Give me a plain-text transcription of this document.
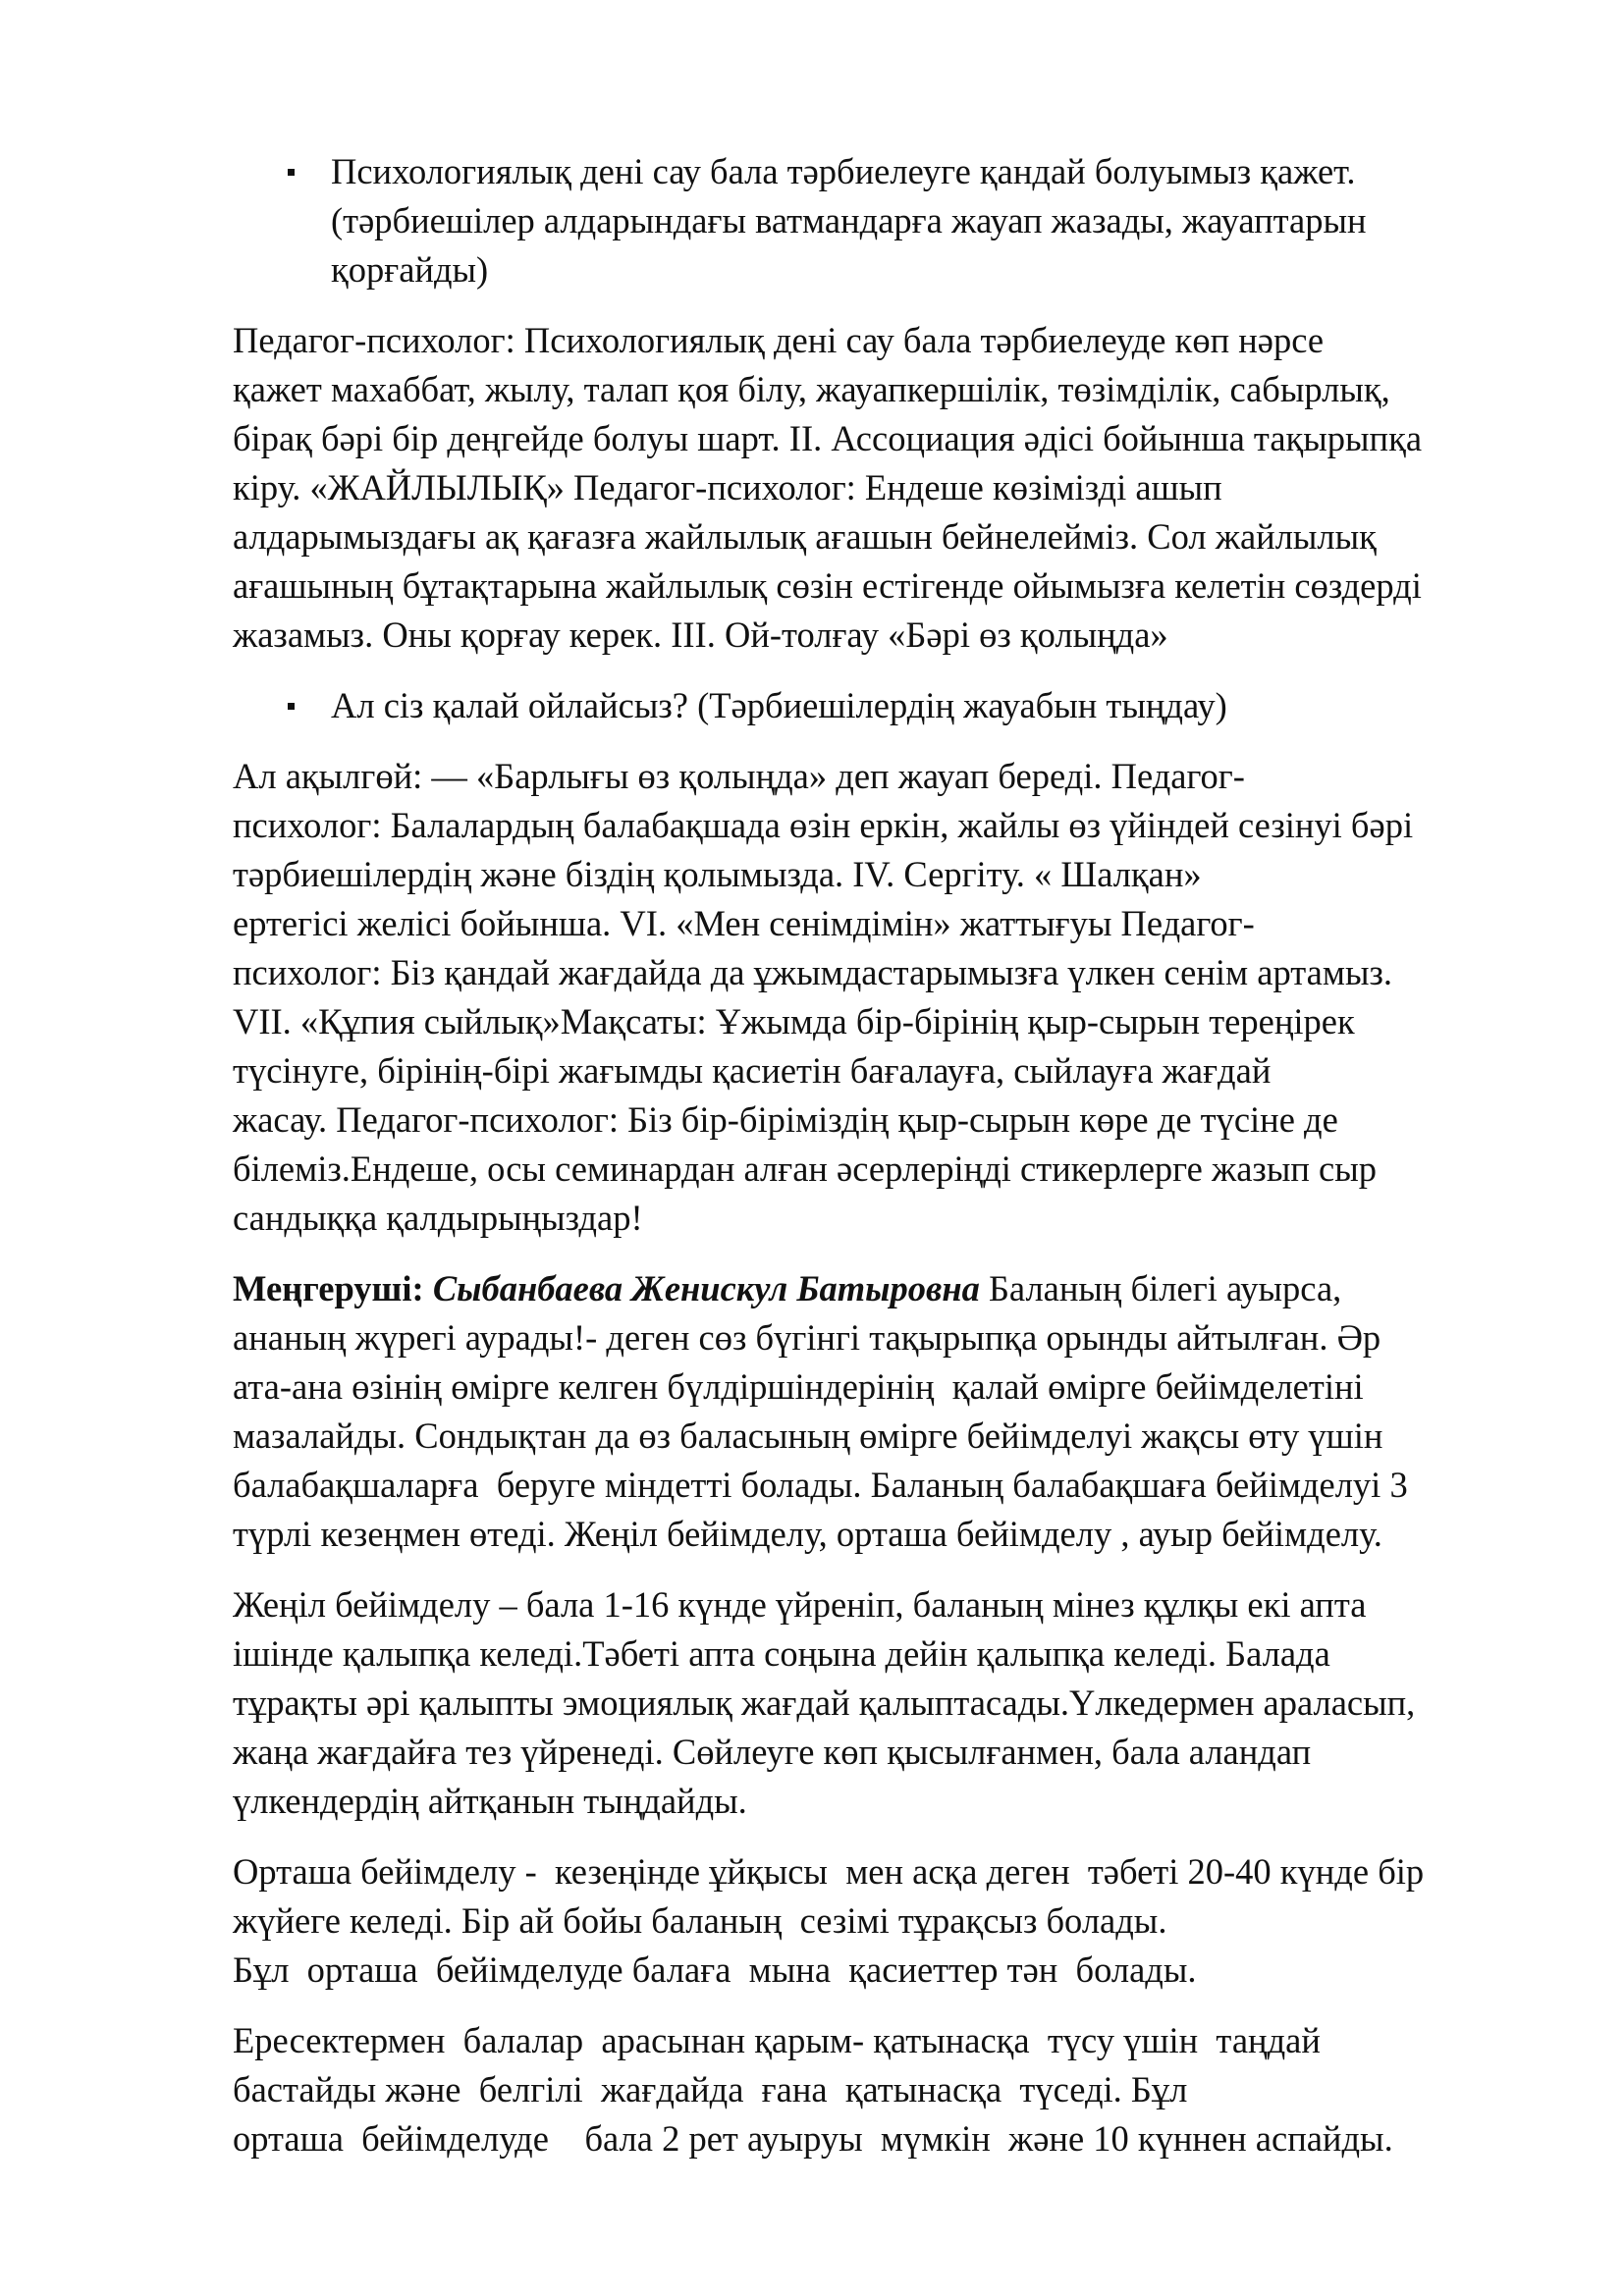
Психологиялық дені сау бала тәрбиелеуге қандай болуымыз қажет.
(тәрбиешілер алдарындағы ватмандарға жауап жазады, жауаптарын
қорғайды)
Педагог-психолог: Психологиялық дені сау бала тәрбиелеуде көп нәрсе
қажет махаббат, жылу, талап қоя білу, жауапкершілік, төзімділік, сабырлық,
бірақ бәрі бір деңгейде болуы шарт. II. Ассоциация әдісі бойынша тақырыпқа
кіру. «ЖАЙЛЫЛЫҚ» Педагог-психолог: Ендеше көзімізді ашып
алдарымыздағы ақ қағазға жайлылық ағашын бейнелейміз. Сол жайлылық
ағашының бұтақтарына жайлылық сөзін естігенде ойымызға келетін сөздерді
жазамыз. Оны қорғау керек. III. Ой-толғау «Бәрі өз қолыңда»
Ал сіз қалай ойлайсыз? (Тәрбиешілердің жауабын тыңдау)
Ал ақылгөй: — «Барлығы өз қолыңда» деп жауап береді. Педагог-
психолог: Балалардың балабақшада өзін еркін, жайлы өз үйіндей сезінуі бәрі
тәрбиешілердің және біздің қолымызда. IV. Сергіту. « Шалқан»
ертегісі желісі бойынша. VI. «Мен сенімдімін» жаттығуы Педагог-
психолог: Біз қандай жағдайда да ұжымдастарымызға үлкен сенім артамыз.
VII. «Құпия сыйлық»Мақсаты: Ұжымда бір-бірінің қыр-сырын тереңірек
түсінуге, бірінің-бірі жағымды қасиетін бағалауға, сыйлауға жағдай
жасау. Педагог-психолог: Біз бір-біріміздің қыр-сырын көре де түсіне де
білеміз.Ендеше, осы семинардан алған әсерлеріңді стикерлерге жазып сыр
сандыққа қалдырыңыздар!
Меңгеруші: Сыбанбаева Женискул Батыровна Баланың білегі ауырса,
ананың жүрегі аурады!- деген сөз бүгінгі тақырыпқа орынды айтылған. Әр
ата-ана өзінің өмірге келген бүлдіршіндерінің  қалай өмірге бейімделетіні
мазалайды. Сондықтан да өз баласының өмірге бейімделуі жақсы өту үшін
балабақшаларға  беруге міндетті болады. Баланың балабақшаға бейімделуі 3
түрлі кезеңмен өтеді. Жеңіл бейімделу, орташа бейімделу , ауыр бейімделу.
Жеңіл бейімделу – бала 1-16 күнде үйреніп, баланың мінез құлқы екі апта
ішінде қалыпқа келеді.Тәбеті апта соңына дейін қалыпқа келеді. Балада
тұрақты әрі қалыпты эмоциялық жағдай қалыптасады.Үлкедермен араласып,
жаңа жағдайға тез үйренеді. Сөйлеуге көп қысылғанмен, бала аландап
үлкендердің айтқанын тыңдайды.
Орташа бейімделу -  кезеңінде ұйқысы  мен асқа деген  тәбеті 20-40 күнде бір
жүйеге келеді. Бір ай бойы баланың  сезімі тұрақсыз болады.
Бұл  орташа  бейімделуде балаға  мына  қасиеттер тән  болады.
Ересектермен  балалар  арасынан қарым- қатынасқа  түсу үшін  таңдай
бастайды және  белгілі  жағдайда  ғана  қатынасқа  түседі. Бұл
орташа  бейімделуде    бала 2 рет ауыруы  мүмкін  және 10 күннен аспайды.
